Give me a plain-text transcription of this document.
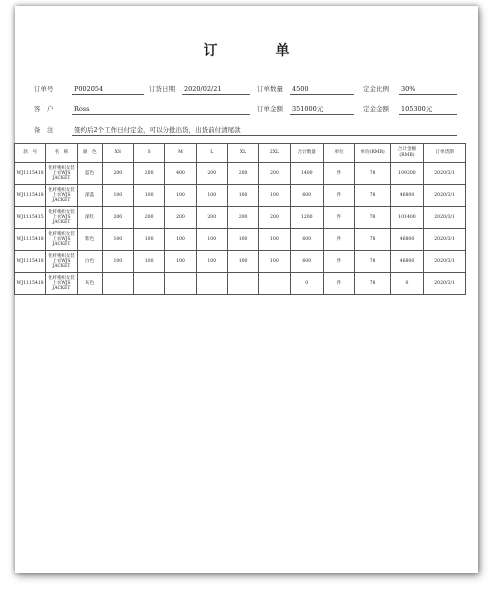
订　单
订单号	P002054	订货日期	2020/02/21	订单数量	4500	定金比例	30%
客　户	Ross	订单金额	351000元	定金金额	105300元
备　注	签约后2个工作日付定金，可以分批出货，出货前付清尾款
款　号	名　称	颜　色	XS	S	M	L	XL	2XL	合计数量	单位	单价(RMB)	合计金额(RMB)	订单货期
WJ1115418	化纤梭织女装上衣WJS JACKET	蓝色	200	200	400	200	200	200	1400	件	78	109200	2020/3/1
WJ1115418	化纤梭织女装上衣WJS JACKET	深蓝	100	100	100	100	100	100	600	件	78	46800	2020/3/1
WJ1115415	化纤梭织女装上衣WJS JACKET	深红	200	200	200	200	200	200	1200	件	78	101400	2020/3/1
WJ1115418	化纤梭织女装上衣WJS JACKET	紫色	100	100	100	100	100	100	600	件	78	46800	2020/3/1
WJ1115418	化纤梭织女装上衣WJS JACKET	白色	100	100	100	100	100	100	600	件	78	46800	2020/3/1
WJ1115418	化纤梭织女装上衣WJS JACKET	灰色							0	件	78	0	2020/3/1
